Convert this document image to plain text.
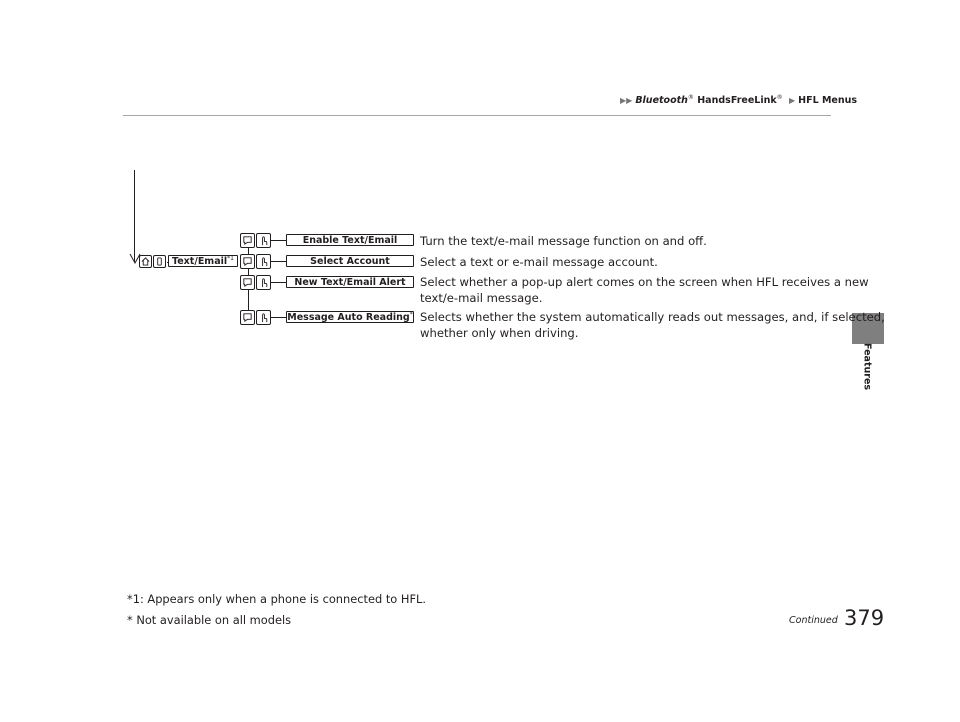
▶▶ Bluetooth® HandsFreeLink® ▶ HFL Menus
Features
Text/Email$^{*1}$
Enable Text/Email	Turn the text/e-mail message function on and off.
Select Account	Select a text or e-mail message account.
New Text/Email Alert	Select whether a pop-up alert comes on the screen when HFL receives a new
text/e-mail message.
Message Auto Reading* Selects whether the system automatically reads out messages, and, if selected,
whether only when driving.
*1: Appears only when a phone is connected to HFL.
* Not available on all models	Continued 379
